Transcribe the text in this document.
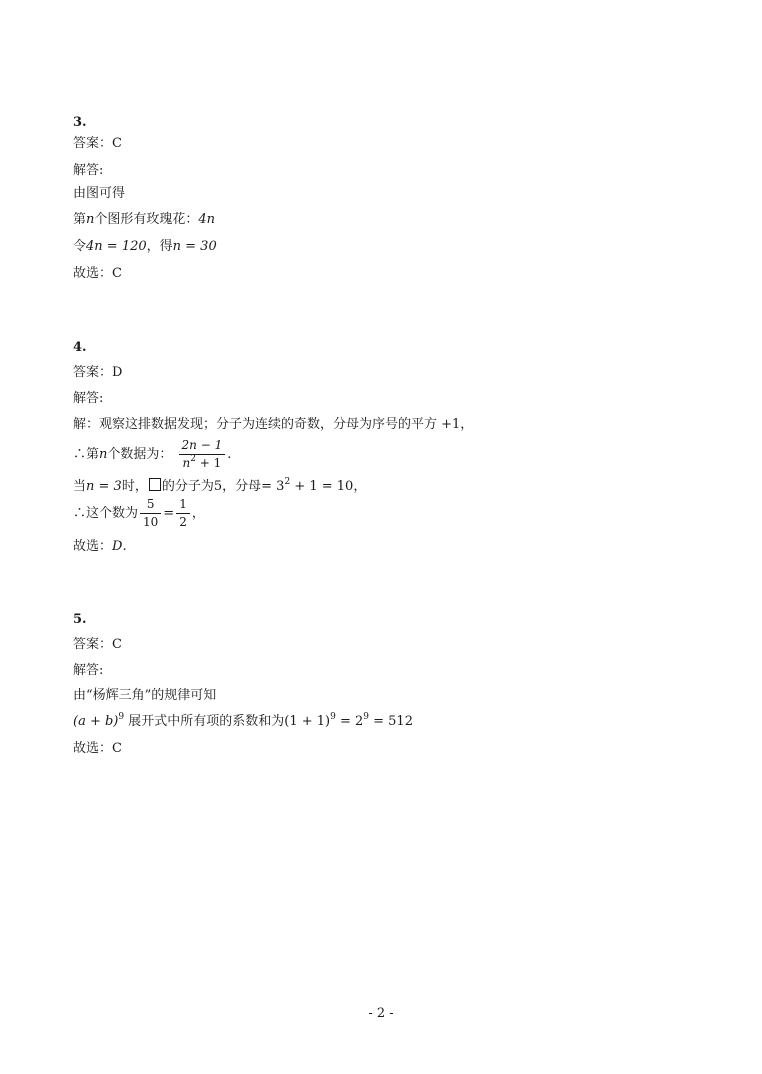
3.
答案：C
解答:
由图可得
第n个图形有玫瑰花：4n
令4n = 120，得n = 30
故选：C
4.
答案：D
解答:
解：观察这排数据发现；分子为连续的奇数，分母为序号的平方 +1，
∴第n个数据为： $\frac{2n - 1}{n^2 + 1}$ .
当n = 3时， 的分子为5，分母= $3^2 + 1 = 10$，
∴这个数为 $\frac{5}{10} = \frac{1}{2}$ ，
故选：D.
5.
答案：C
解答:
由“杨辉三角”的规律可知
$(a + b)^9$ 展开式中所有项的系数和为$(1 + 1)^9 = 2^9 = 512$
故选：C
- 2 -
